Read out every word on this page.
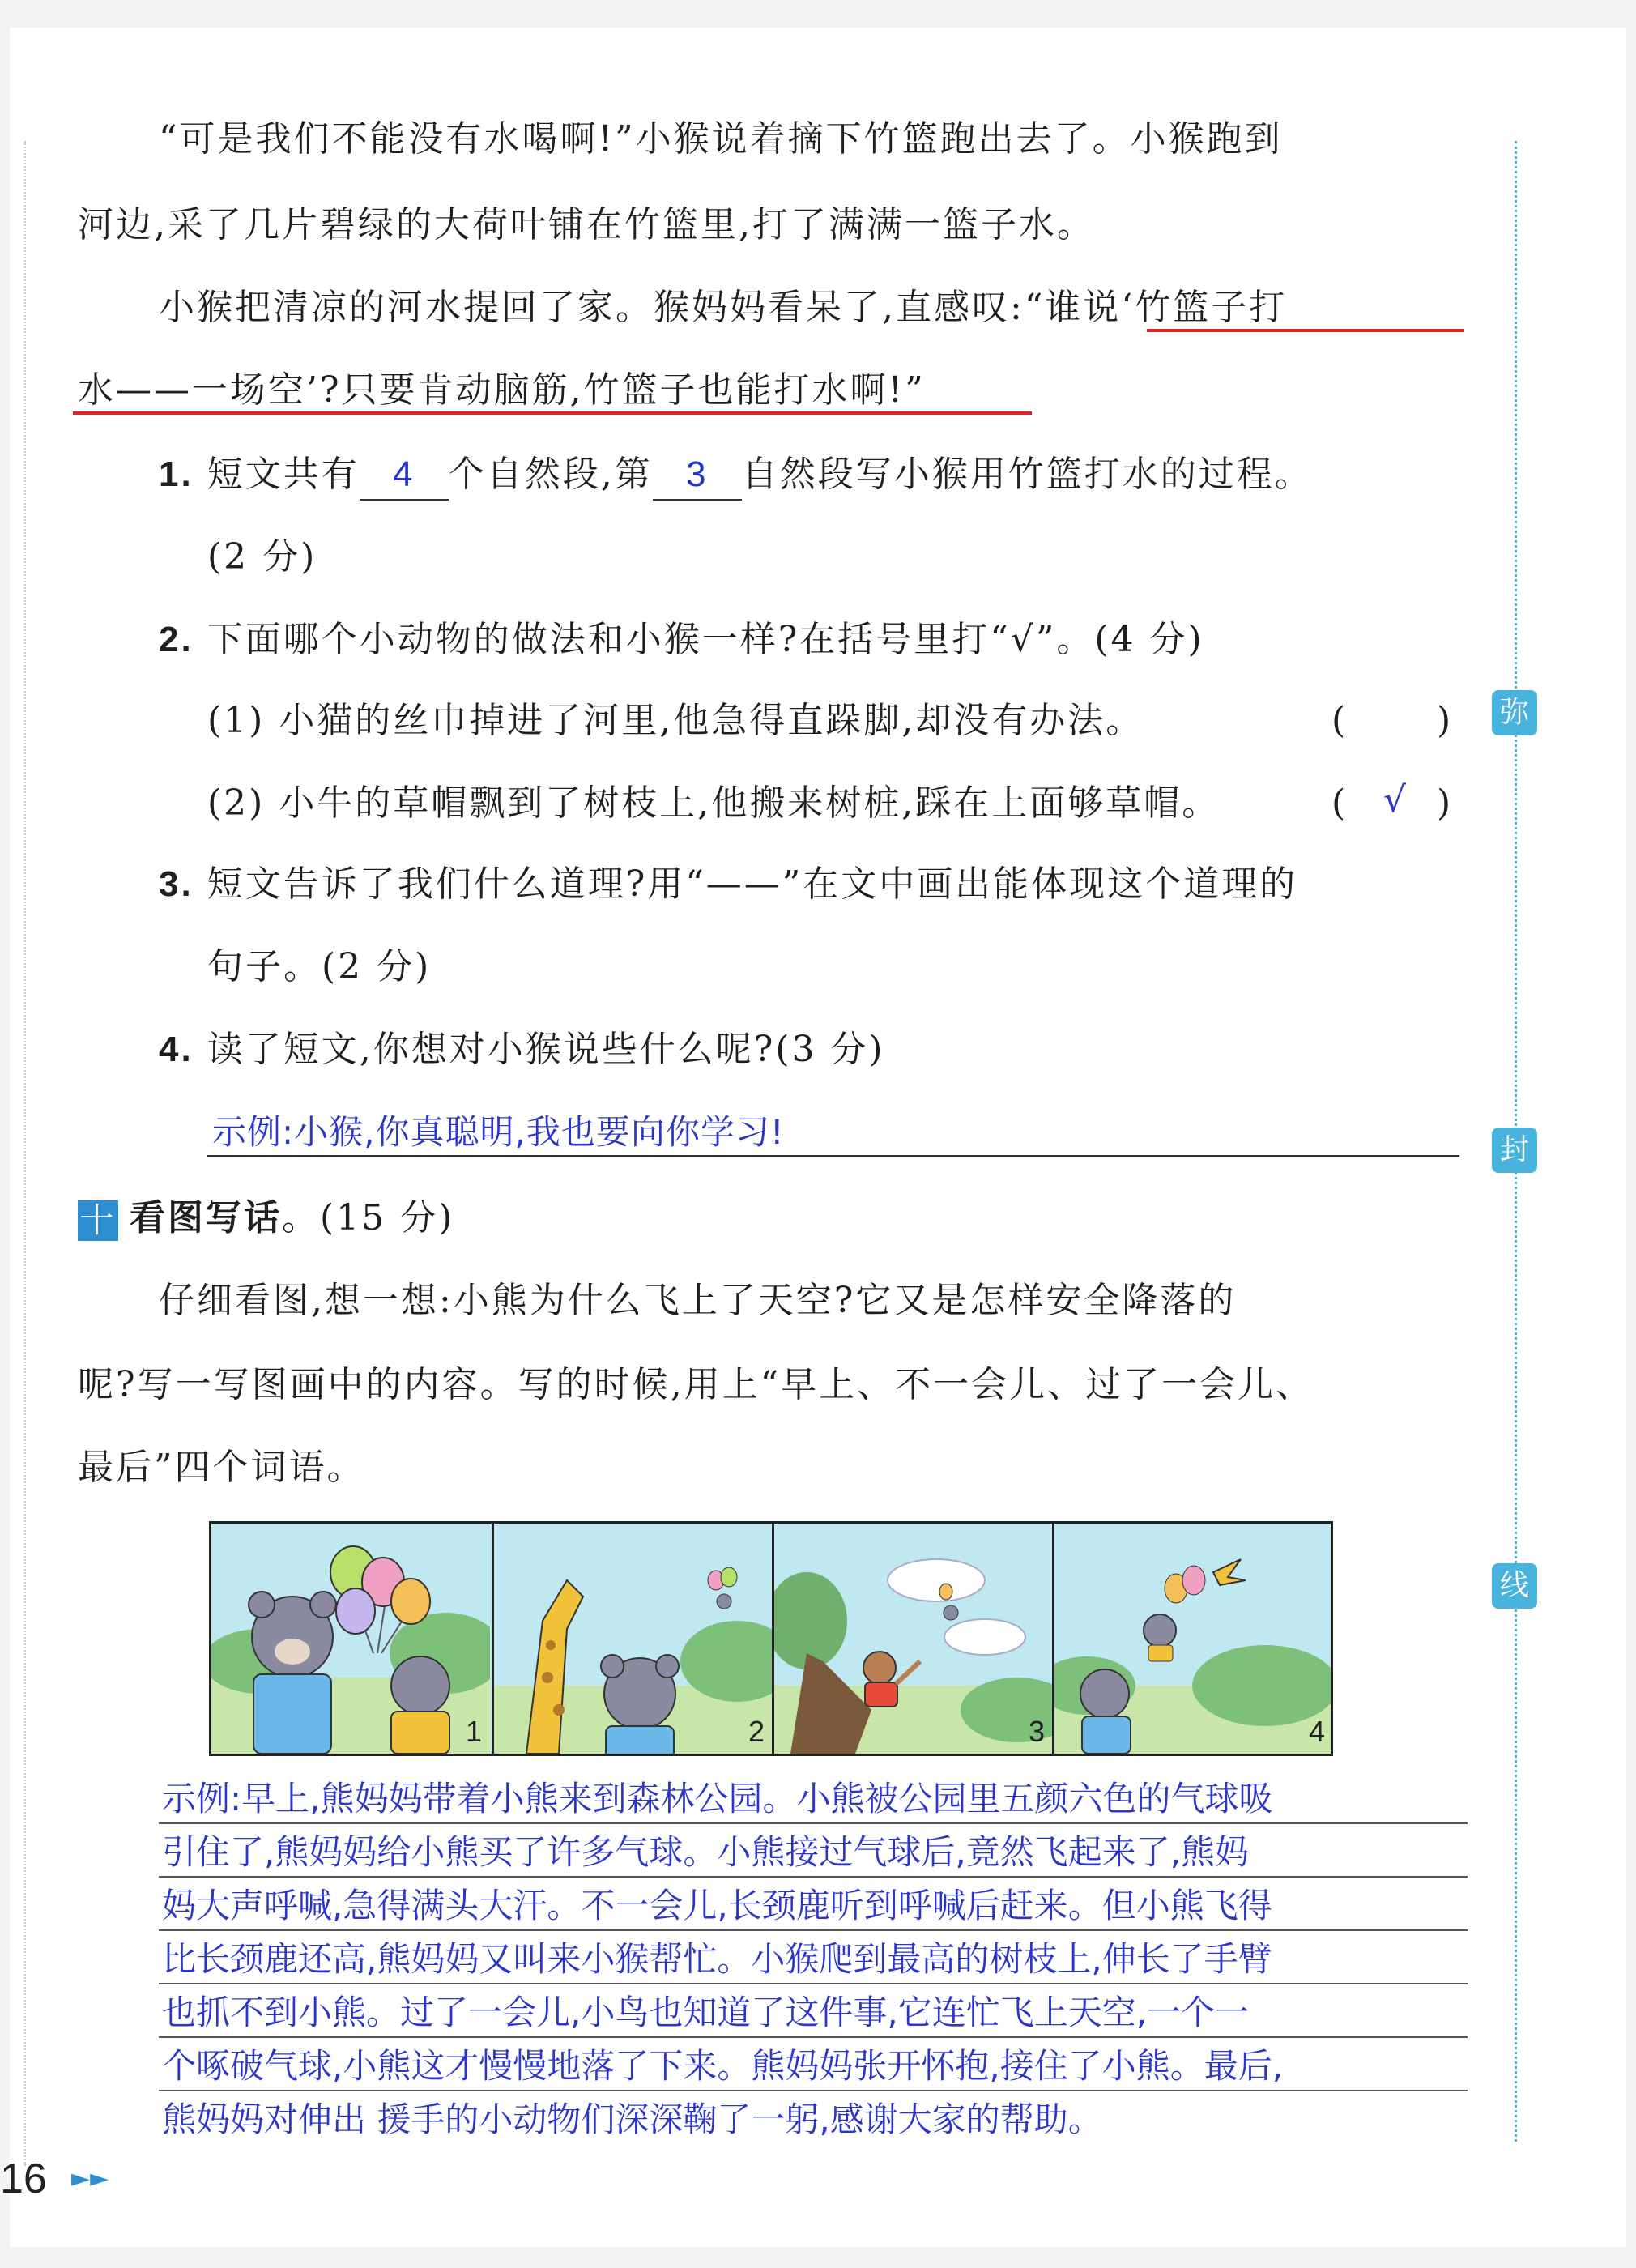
弥
封
线
“可是我们不能没有水喝啊!”小猴说着摘下竹篮跑出去了。小猴跑到
河边,采了几片碧绿的大荷叶铺在竹篮里,打了满满一篮子水。
小猴把清凉的河水提回了家。猴妈妈看呆了,直感叹:“谁说‘竹篮子打
水——一场空’?只要肯动脑筋,竹篮子也能打水啊!”
1. 短文共有 4 个自然段,第 3 自然段写小猴用竹篮打水的过程。
(2 分)
2. 下面哪个小动物的做法和小猴一样?在括号里打“√”。(4 分)
(1) 小猫的丝巾掉进了河里,他急得直跺脚,却没有办法。	( )
(2) 小牛的草帽飘到了树枝上,他搬来树桩,踩在上面够草帽。	( √ )
3. 短文告诉了我们什么道理?用“——”在文中画出能体现这个道理的
句子。(2 分)
4. 读了短文,你想对小猴说些什么呢?(3 分)
示例:小猴,你真聪明,我也要向你学习!
十 看图写话。(15 分)
仔细看图,想一想:小熊为什么飞上了天空?它又是怎样安全降落的
呢?写一写图画中的内容。写的时候,用上“早上、不一会儿、过了一会儿、
最后”四个词语。
1	2	3	4
16 ►►
示例:早上,熊妈妈带着小熊来到森林公园。小熊被公园里五颜六色的气球吸
引住了,熊妈妈给小熊买了许多气球。小熊接过气球后,竟然飞起来了,熊妈
妈大声呼喊,急得满头大汗。不一会儿,长颈鹿听到呼喊后赶来。但小熊飞得
比长颈鹿还高,熊妈妈又叫来小猴帮忙。小猴爬到最高的树枝上,伸长了手臂
也抓不到小熊。过了一会儿,小鸟也知道了这件事,它连忙飞上天空,一个一
个啄破气球,小熊这才慢慢地落了下来。熊妈妈张开怀抱,接住了小熊。最后,
熊妈妈对伸出 援手的小动物们深深鞠了一躬,感谢大家的帮助。
